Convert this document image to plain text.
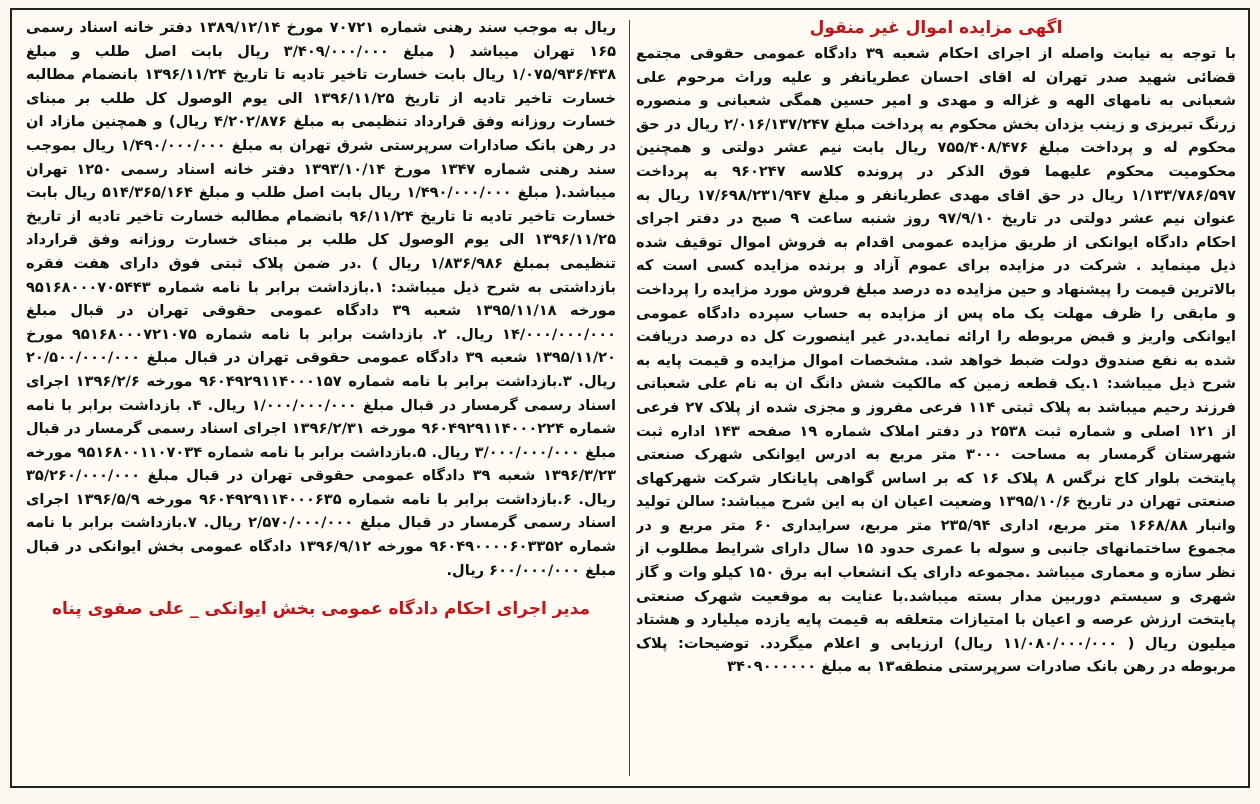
اگهی مزایده اموال غیر منقول

با توجه به نیابت واصله از اجرای احکام شعبه ۳۹ دادگاه عمومی حقوقی مجتمع قضائی شهید صدر تهران له اقای احسان عطریانفر و علیه وراث مرحوم علی شعبانی به نامهای الهه و غزاله و مهدی و امیر حسین همگی شعبانی و منصوره زرنگ تبریزی و زینب یزدان بخش محکوم به پرداخت مبلغ ۲/۰۱۶/۱۳۷/۲۴۷ ریال در حق محکوم له و پرداخت مبلغ ۷۵۵/۴۰۸/۴۷۶ ریال بابت نیم عشر دولتی و همچنین محکومیت محکوم علیهما فوق الذکر در پرونده کلاسه ۹۶۰۲۴۷ به پرداخت ۱/۱۳۳/۷۸۶/۵۹۷ ریال در حق اقای مهدی عطریانفر و مبلغ ۱۷/۶۹۸/۲۳۱/۹۴۷ ریال به عنوان نیم عشر دولتی در تاریخ ۹۷/۹/۱۰ روز شنبه ساعت ۹ صبح در دفتر اجرای احکام دادگاه ایوانکی از طریق مزایده عمومی اقدام به فروش اموال توقیف شده ذیل مینماید . شرکت در مزایده برای عموم آزاد و برنده مزایده کسی است که بالاترین قیمت را پیشنهاد و حین مزایده ده درصد مبلغ فروش مورد مزایده را پرداخت و مابقی را ظرف مهلت یک ماه پس از مزایده به حساب سپرده دادگاه عمومی ایوانکی واریز و قبض مربوطه را ارائه نماید.در غیر اینصورت کل ده درصد دریافت شده به نفع صندوق دولت ضبط خواهد شد. مشخصات اموال مزایده و قیمت پایه به شرح ذیل میباشد: ۱.یک قطعه زمین که مالکیت شش دانگ ان به نام علی شعبانی فرزند رحیم میباشد به پلاک ثبتی ۱۱۴ فرعی مفروز و مجزی شده از پلاک ۲۷ فرعی از ۱۲۱ اصلی و شماره ثبت ۲۵۳۸ در دفتر املاک شماره ۱۹ صفحه ۱۴۳ اداره ثبت شهرستان گرمسار به مساحت ۳۰۰۰ متر مربع به ادرس ایوانکی شهرک صنعتی پایتخت بلوار کاج نرگس ۸ پلاک ۱۶ که بر اساس گواهی پایانکار شرکت شهرکهای صنعتی تهران در تاریخ ۱۳۹۵/۱۰/۶ وضعیت اعیان ان به این شرح میباشد: سالن تولید وانبار ۱۶۶۸/۸۸ متر مربع، اداری ۲۳۵/۹۴ متر مربع، سرایداری ۶۰ متر مربع و در مجموع ساختمانهای جانبی و سوله با عمری حدود ۱۵ سال دارای شرایط مطلوب از نظر سازه و معماری میباشد .مجموعه دارای یک انشعاب ابه برق ۱۵۰ کیلو وات و گاز شهری و سیستم دوربین مدار بسته میباشد.با عنایت به موقعیت شهرک صنعتی پایتخت ارزش عرصه و اعیان با امتیازات متعلقه به قیمت پایه یازده میلیارد و هشتاد میلیون ریال ( ۱۱/۰۸۰/۰۰۰/۰۰۰ ریال) ارزیابی و اعلام میگردد. توضیحات: پلاک مربوطه در رهن بانک صادرات سرپرستی منطقه۱۳ به مبلغ ۳۴۰۹۰۰۰۰۰۰

ریال به موجب سند رهنی شماره ۷۰۷۲۱ مورخ ۱۳۸۹/۱۲/۱۴ دفتر خانه اسناد رسمی ۱۶۵ تهران میباشد ( مبلغ ۳/۴۰۹/۰۰۰/۰۰۰ ریال بابت اصل طلب و مبلغ ۱/۰۷۵/۹۳۶/۴۳۸ ریال بابت خسارت تاخیر تادیه تا تاریخ ۱۳۹۶/۱۱/۲۴ بانضمام مطالبه خسارت تاخیر تادیه از تاریخ ۱۳۹۶/۱۱/۲۵ الی یوم الوصول کل طلب بر مبنای خسارت روزانه وفق قرارداد تنظیمی به مبلغ ۴/۲۰۲/۸۷۶ ریال) و همچنین مازاد ان در رهن بانک صادارات سرپرستی شرق تهران به مبلغ ۱/۴۹۰/۰۰۰/۰۰۰ ریال بموجب سند رهنی شماره ۱۳۴۷ مورخ ۱۳۹۳/۱۰/۱۴ دفتر خانه اسناد رسمی ۱۲۵۰ تهران میباشد.( مبلغ ۱/۴۹۰/۰۰۰/۰۰۰ ریال بابت اصل طلب و مبلغ ۵۱۴/۳۶۵/۱۶۴ ریال بابت خسارت تاخیر تادیه تا تاریخ ۹۶/۱۱/۲۴ بانضمام مطالبه خسارت تاخیر تادیه از تاریخ ۱۳۹۶/۱۱/۲۵ الی یوم الوصول کل طلب بر مبنای خسارت روزانه وفق قرارداد تنظیمی بمبلغ ۱/۸۳۶/۹۸۶ ریال ) .در ضمن پلاک ثبتی فوق دارای هفت فقره بازداشتی به شرح ذیل میباشد: ۱.بازداشت برابر با نامه شماره ۹۵۱۶۸۰۰۰۷۰۵۴۴۳ مورخه ۱۳۹۵/۱۱/۱۸ شعبه ۳۹ دادگاه عمومی حقوقی تهران در قبال مبلغ ۱۴/۰۰۰/۰۰۰/۰۰۰ ریال. ۲. بازداشت برابر با نامه شماره ۹۵۱۶۸۰۰۰۷۲۱۰۷۵ مورخ ۱۳۹۵/۱۱/۲۰ شعبه ۳۹ دادگاه عمومی حقوقی تهران در قبال مبلغ ۲۰/۵۰۰/۰۰۰/۰۰۰ ریال. ۳.بازداشت برابر با نامه شماره ۹۶۰۴۹۲۹۱۱۴۰۰۰۱۵۷ مورخه ۱۳۹۶/۲/۶ اجرای اسناد رسمی گرمسار در قبال مبلغ ۱/۰۰۰/۰۰۰/۰۰۰ ریال. ۴. بازداشت برابر با نامه شماره ۹۶۰۴۹۲۹۱۱۴۰۰۰۲۲۴ مورخه ۱۳۹۶/۲/۳۱ اجرای اسناد رسمی گرمسار در قبال مبلغ ۳/۰۰۰/۰۰۰/۰۰۰ ریال. ۵.بازداشت برابر با نامه شماره ۹۵۱۶۸۰۰۱۱۰۷۰۳۴ مورخه ۱۳۹۶/۳/۲۳ شعبه ۳۹ دادگاه عمومی حقوقی تهران در قبال مبلغ ۳۵/۲۶۰/۰۰۰/۰۰۰ ریال. ۶.بازداشت برابر با نامه شماره ۹۶۰۴۹۲۹۱۱۴۰۰۰۶۳۵ مورخه ۱۳۹۶/۵/۹ اجرای اسناد رسمی گرمسار در قبال مبلغ ۲/۵۷۰/۰۰۰/۰۰۰ ریال. ۷.بازداشت برابر با نامه شماره ۹۶۰۴۹۰۰۰۰۶۰۳۳۵۲ مورخه ۱۳۹۶/۹/۱۲ دادگاه عمومی بخش ایوانکی در قبال مبلغ ۶۰۰/۰۰۰/۰۰۰ ریال.

مدیر اجرای احکام دادگاه عمومی بخش ایوانکی _ علی صفوی پناه
